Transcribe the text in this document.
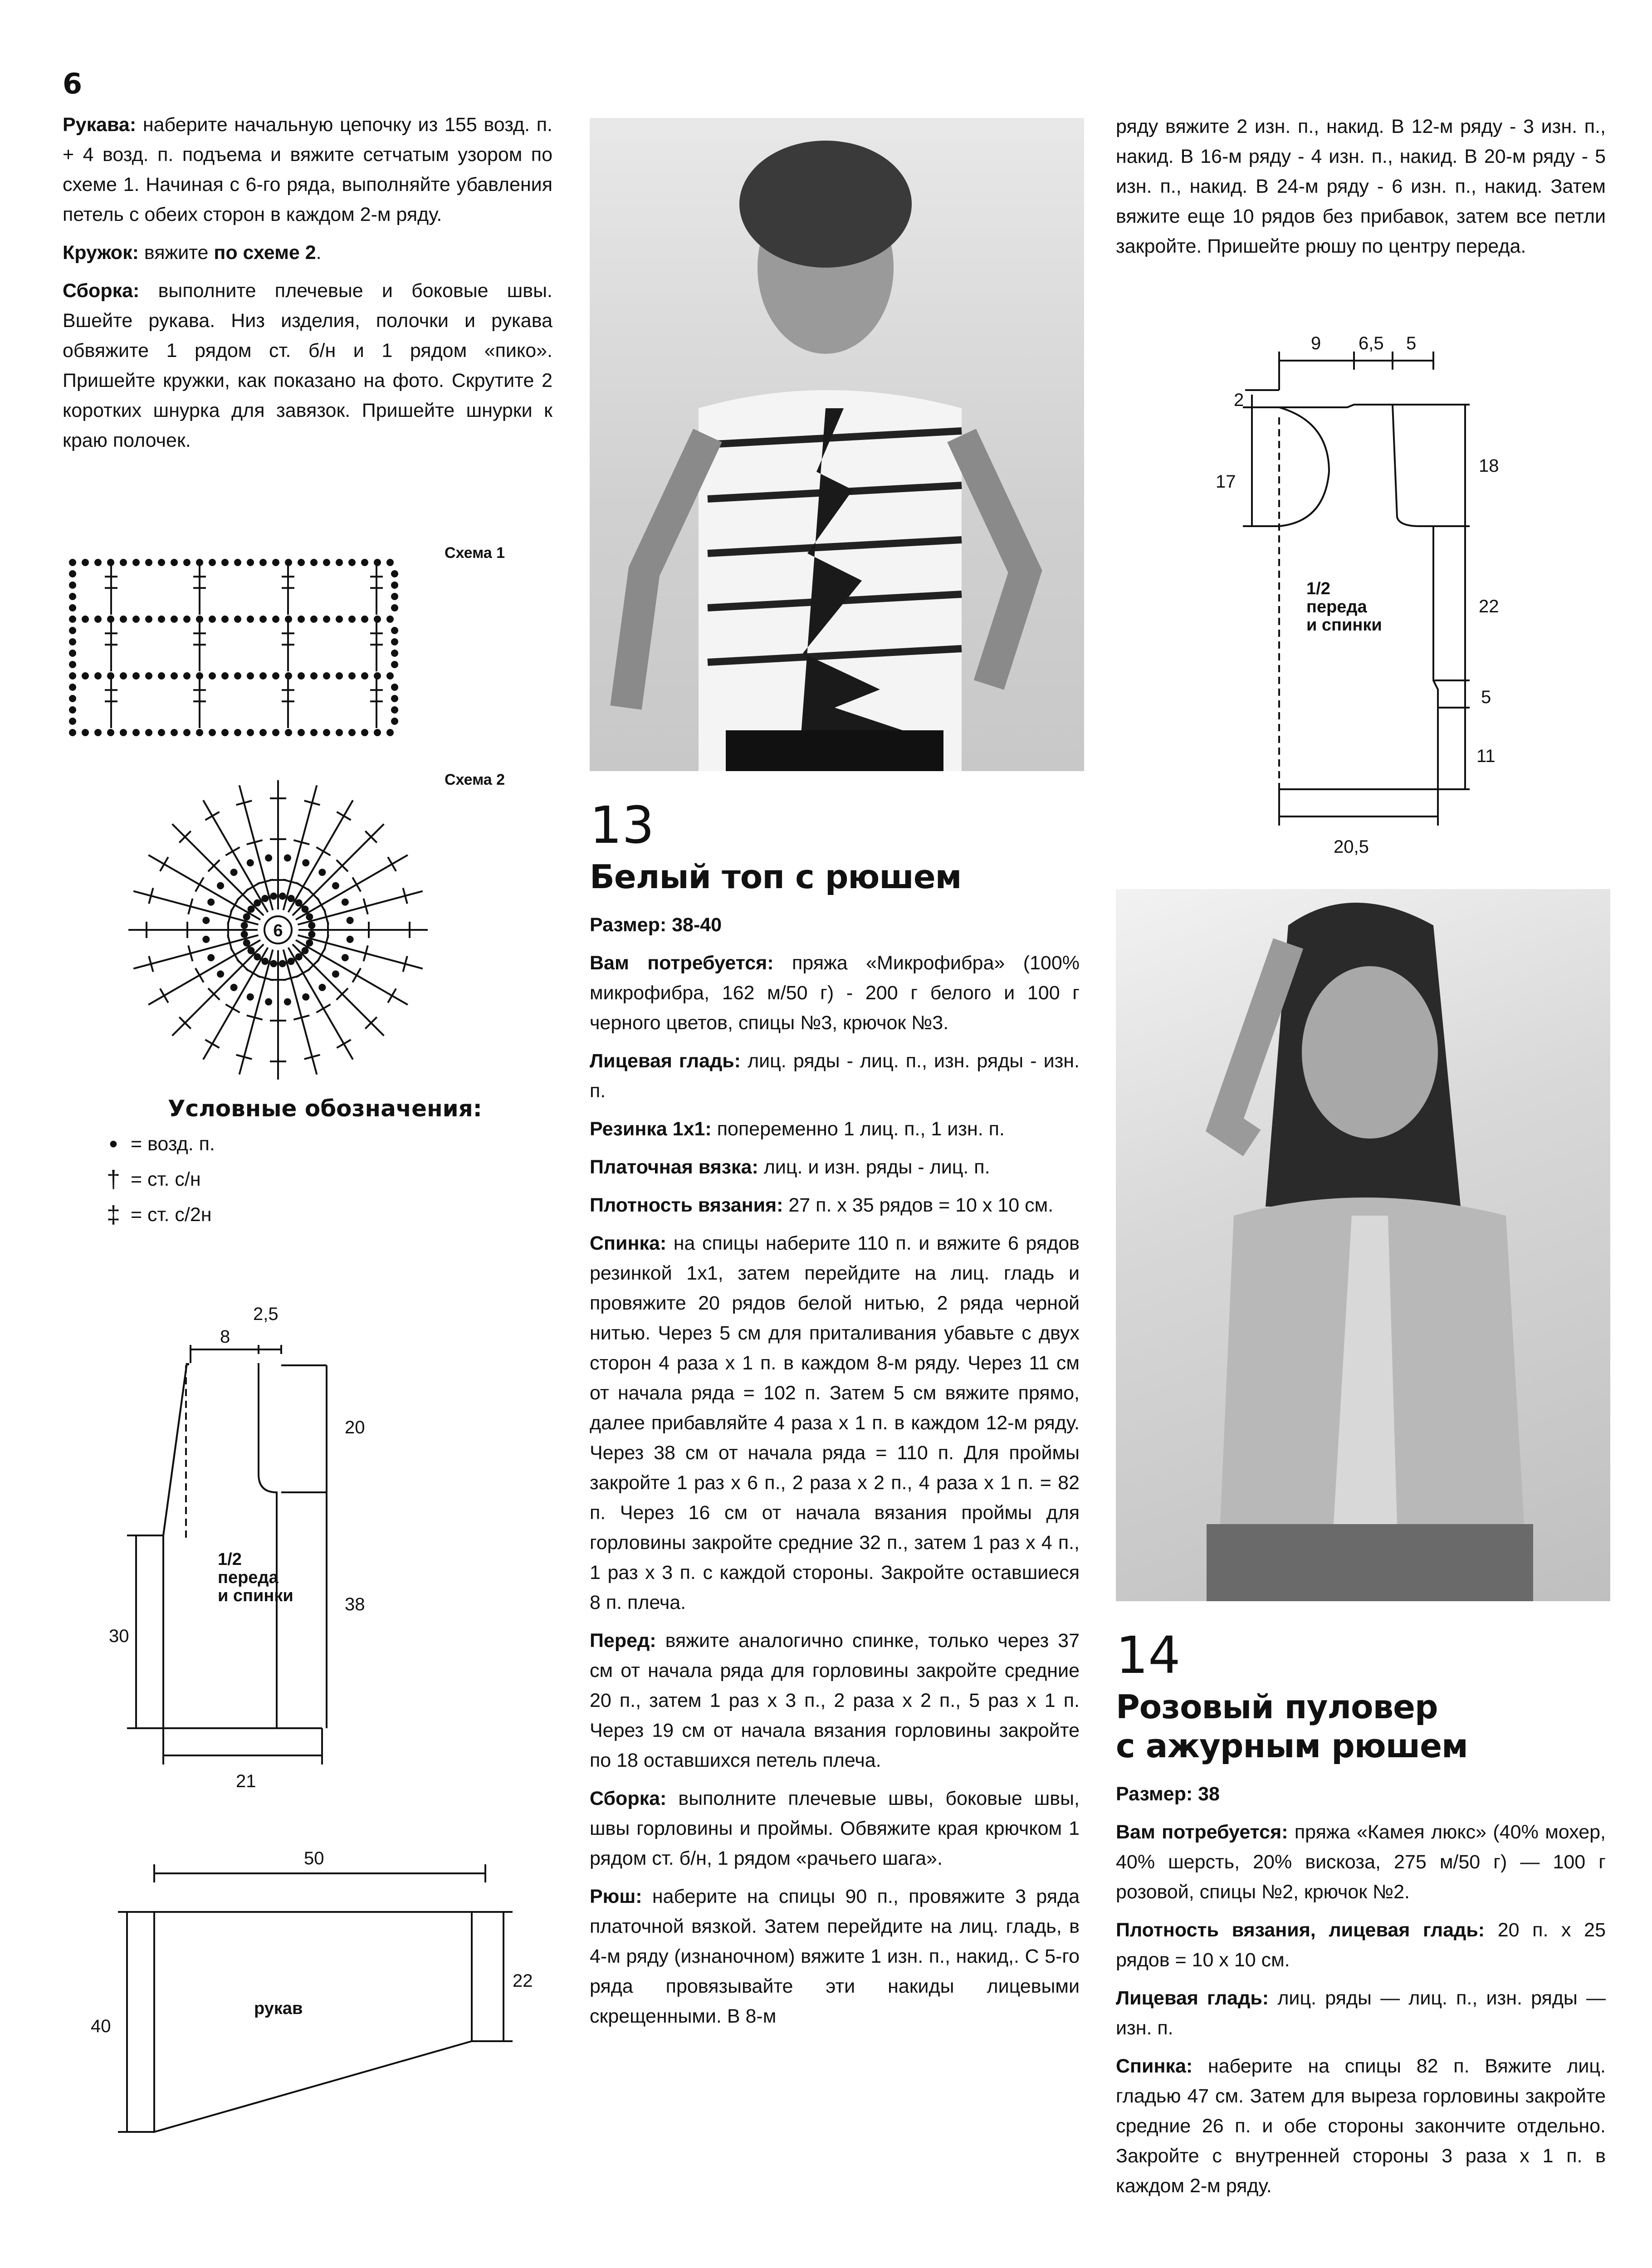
6

Рукава: наберите начальную цепочку из 155 возд. п. + 4 возд. п. подъема и вяжите сетчатым узором по схеме 1. Начиная с 6-го ряда, выполняйте убавления петель с обеих сторон в каждом 2-м ряду.

Кружок: вяжите по схеме 2.

Сборка: выполните плечевые и боковые швы. Вшейте рукава. Низ изделия, полочки и рукава обвяжите 1 рядом ст. б/н и 1 рядом «пико». Пришейте кружки, как показано на фото. Скрутите 2 коротких шнурка для завязок. Пришейте шнурки к краю полочек.

Схема 1
Схема 2
6
Условные обозначения:
• = возд. п.
† = ст. с/н
‡ = ст. с/2н
8
2,5
20
38
30
21
1/2
переда
и спинки
50
40
22
рукав
13
Белый топ с рюшем

Размер: 38-40

Вам потребуется: пряжа «Микрофибра» (100% микрофибра, 162 м/50 г) - 200 г белого и 100 г черного цветов, спицы №3, крючок №3.

Лицевая гладь: лиц. ряды - лиц. п., изн. ряды - изн. п.

Резинка 1х1: попеременно 1 лиц. п., 1 изн. п.

Платочная вязка: лиц. и изн. ряды - лиц. п.

Плотность вязания: 27 п. х 35 рядов = 10 х 10 см.

Спинка: на спицы наберите 110 п. и вяжите 6 рядов резинкой 1х1, затем перейдите на лиц. гладь и провяжите 20 рядов белой нитью, 2 ряда черной нитью. Через 5 см для приталивания убавьте с двух сторон 4 раза х 1 п. в каждом 8-м ряду. Через 11 см от начала ряда = 102 п. Затем 5 см вяжите прямо, далее прибавляйте 4 раза х 1 п. в каждом 12-м ряду. Через 38 см от начала ряда = 110 п. Для проймы закройте 1 раз х 6 п., 2 раза х 2 п., 4 раза х 1 п. = 82 п. Через 16 см от начала вязания проймы для горловины закройте средние 32 п., затем 1 раз х 4 п., 1 раз х 3 п. с каждой стороны. Закройте оставшиеся 8 п. плеча.

Перед: вяжите аналогично спинке, только через 37 см от начала ряда для горловины закройте средние 20 п., затем 1 раз х 3 п., 2 раза х 2 п., 5 раз х 1 п. Через 19 см от начала вязания горловины закройте по 18 оставшихся петель плеча.

Сборка: выполните плечевые швы, боковые швы, швы горловины и проймы. Обвяжите края крючком 1 рядом ст. б/н, 1 рядом «рачьего шага».

Рюш: наберите на спицы 90 п., провяжите 3 ряда платочной вязкой. Затем перейдите на лиц. гладь, в 4-м ряду (изнаночном) вяжите 1 изн. п., накид,. С 5-го ряда провязывайте эти накиды лицевыми скрещенными. В 8-м

ряду вяжите 2 изн. п., накид. В 12-м ряду - 3 изн. п., накид. В 16-м ряду - 4 изн. п., накид. В 20-м ряду - 5 изн. п., накид. В 24-м ряду - 6 изн. п., накид. Затем вяжите еще 10 рядов без прибавок, затем все петли закройте. Пришейте рюшу по центру переда.

9 6,5 5
2
17
18
22
5
11
20,5
1/2
переда
и спинки
14
Розовый пуловер
с ажурным рюшем

Размер: 38

Вам потребуется: пряжа «Камея люкс» (40% мохер, 40% шерсть, 20% вискоза, 275 м/50 г) — 100 г розовой, спицы №2, крючок №2.

Плотность вязания, лицевая гладь: 20 п. х 25 рядов = 10 х 10 см.

Лицевая гладь: лиц. ряды — лиц. п., изн. ряды — изн. п.

Спинка: наберите на спицы 82 п. Вяжите лиц. гладью 47 см. Затем для выреза горловины закройте средние 26 п. и обе стороны закончите отдельно. Закройте с внутренней стороны 3 раза х 1 п. в каждом 2-м ряду.
